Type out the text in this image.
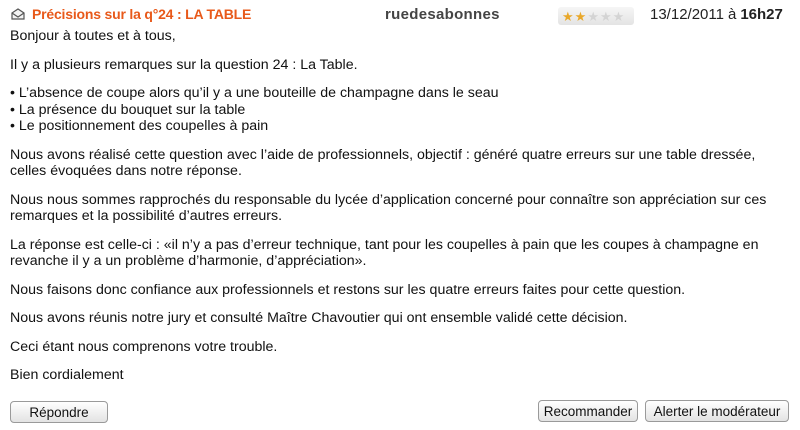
Précisions sur la q°24 : LA TABLE	ruedesabonnes	★ ★ ★ ★ ★ 13/12/2011 à 16h27

Bonjour à toutes et à tous,

Il y a plusieurs remarques sur la question 24 : La Table.

• L’absence de coupe alors qu’il y a une bouteille de champagne dans le seau
• La présence du bouquet sur la table
• Le positionnement des coupelles à pain

Nous avons réalisé cette question avec l’aide de professionnels, objectif : généré quatre erreurs sur une table dressée, celles évoquées dans notre réponse.

Nous nous sommes rapprochés du responsable du lycée d’application concerné pour connaître son appréciation sur ces remarques et la possibilité d’autres erreurs.

La réponse est celle-ci : «il n’y a pas d’erreur technique, tant pour les coupelles à pain que les coupes à champagne en revanche il y a un problème d’harmonie, d’appréciation».

Nous faisons donc confiance aux professionnels et restons sur les quatre erreurs faites pour cette question.

Nous avons réunis notre jury et consulté Maître Chavoutier qui ont ensemble validé cette décision.

Ceci étant nous comprenons votre trouble.

Bien cordialement

Répondre	Recommander	Alerter le modérateur
